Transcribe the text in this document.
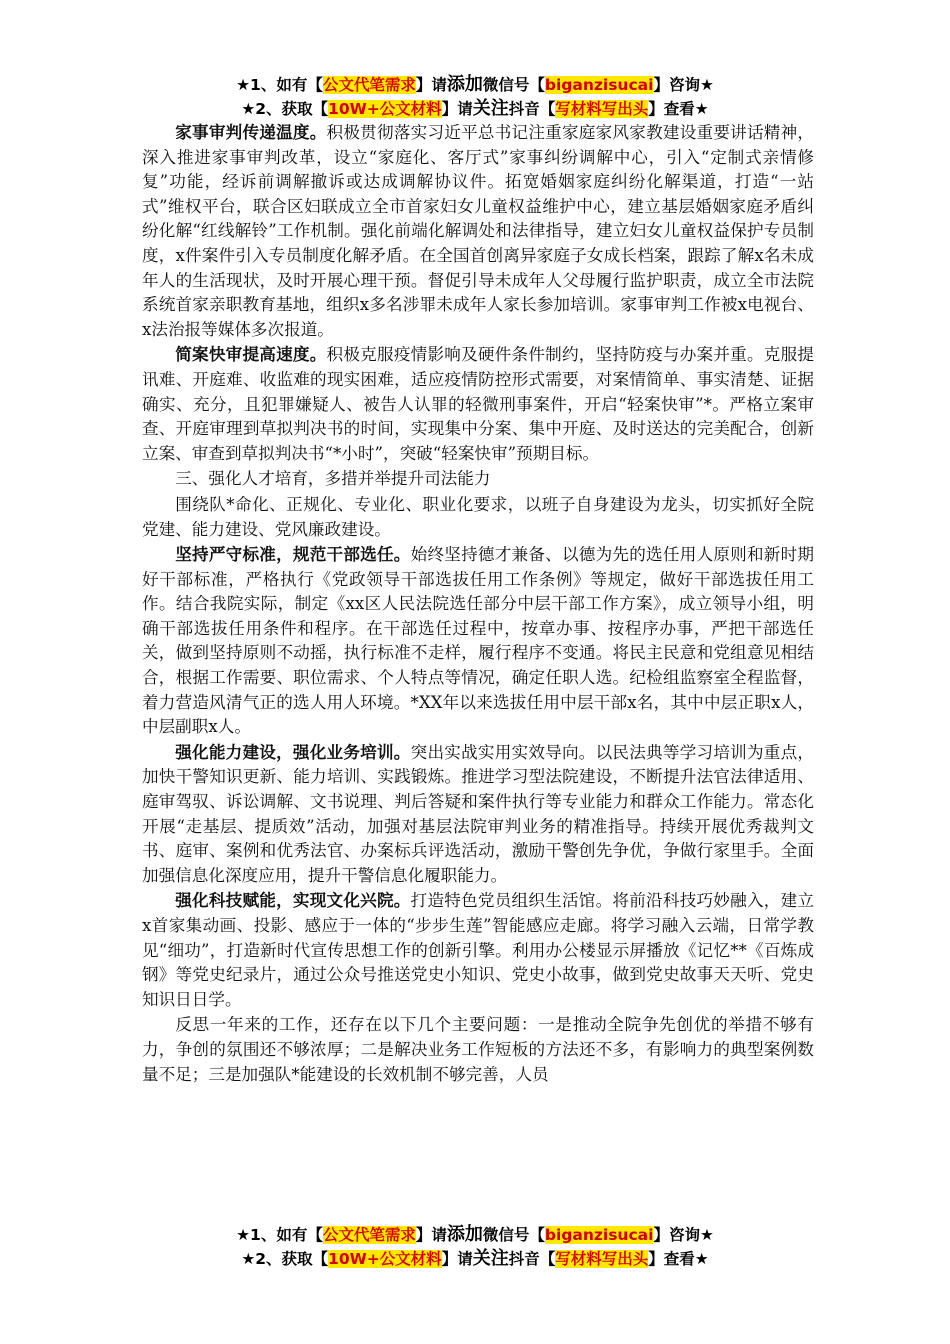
★1、如有【公文代笔需求】请添加微信号【biganzisucai】咨询★
★2、获取【10W+公文材料】请关注抖音【写材料写出头】查看★

家事审判传递温度。积极贯彻落实习近平总书记注重家庭家风家教建设重要讲话精神，深入推进家事审判改革，设立“家庭化、客厅式”家事纠纷调解中心，引入“定制式亲情修复”功能，经诉前调解撤诉或达成调解协议件。拓宽婚姻家庭纠纷化解渠道，打造“一站式”维权平台，联合区妇联成立全市首家妇女儿童权益维护中心，建立基层婚姻家庭矛盾纠纷化解“红线解铃”工作机制。强化前端化解调处和法律指导，建立妇女儿童权益保护专员制度，x件案件引入专员制度化解矛盾。在全国首创离异家庭子女成长档案，跟踪了解x名未成年人的生活现状，及时开展心理干预。督促引导未成年人父母履行监护职责，成立全市法院系统首家亲职教育基地，组织x多名涉罪未成年人家长参加培训。家事审判工作被x电视台、x法治报等媒体多次报道。

简案快审提高速度。积极克服疫情影响及硬件条件制约，坚持防疫与办案并重。克服提讯难、开庭难、收监难的现实困难，适应疫情防控形式需要，对案情简单、事实清楚、证据确实、充分，且犯罪嫌疑人、被告人认罪的轻微刑事案件，开启“轻案快审”*。严格立案审查、开庭审理到草拟判决书的时间，实现集中分案、集中开庭、及时送达的完美配合，创新立案、审查到草拟判决书“*小时”，突破“轻案快审”预期目标。

三、强化人才培育，多措并举提升司法能力

围绕队*命化、正规化、专业化、职业化要求，以班子自身建设为龙头，切实抓好全院党建、能力建设、党风廉政建设。

坚持严守标准，规范干部选任。始终坚持德才兼备、以德为先的选任用人原则和新时期好干部标准，严格执行《党政领导干部选拔任用工作条例》等规定，做好干部选拔任用工作。结合我院实际，制定《xx区人民法院选任部分中层干部工作方案》，成立领导小组，明确干部选拔任用条件和程序。在干部选任过程中，按章办事、按程序办事，严把干部选任关，做到坚持原则不动摇，执行标准不走样，履行程序不变通。将民主民意和党组意见相结合，根据工作需要、职位需求、个人特点等情况，确定任职人选。纪检组监察室全程监督，着力营造风清气正的选人用人环境。*XX年以来选拔任用中层干部x名，其中中层正职x人，中层副职x人。

强化能力建设，强化业务培训。突出实战实用实效导向。以民法典等学习培训为重点，加快干警知识更新、能力培训、实践锻炼。推进学习型法院建设，不断提升法官法律适用、庭审驾驭、诉讼调解、文书说理、判后答疑和案件执行等专业能力和群众工作能力。常态化开展“走基层、提质效”活动，加强对基层法院审判业务的精准指导。持续开展优秀裁判文书、庭审、案例和优秀法官、办案标兵评选活动，激励干警创先争优，争做行家里手。全面加强信息化深度应用，提升干警信息化履职能力。

强化科技赋能，实现文化兴院。打造特色党员组织生活馆。将前沿科技巧妙融入，建立x首家集动画、投影、感应于一体的“步步生莲”智能感应走廊。将学习融入云端，日常学教见“细功”，打造新时代宣传思想工作的创新引擎。利用办公楼显示屏播放《记忆**《百炼成钢》等党史纪录片，通过公众号推送党史小知识、党史小故事，做到党史故事天天听、党史知识日日学。

反思一年来的工作，还存在以下几个主要问题：一是推动全院争先创优的举措不够有力，争创的氛围还不够浓厚；二是解决业务工作短板的方法还不多，有影响力的典型案例数量不足；三是加强队*能建设的长效机制不够完善，人员

★1、如有【公文代笔需求】请添加微信号【biganzisucai】咨询★
★2、获取【10W+公文材料】请关注抖音【写材料写出头】查看★
